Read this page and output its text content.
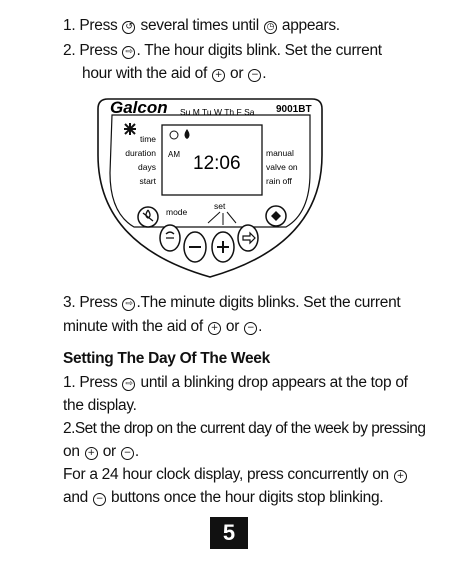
1. Press ↺ several times until ◷ appears.
2. Press ⇨ . The hour digits blink. Set the current
hour with the aid of + or − .
Galcon Su M Tu W Th F Sa 9001BT
time
duration
days
start
AM 12:06	manual
valve on
rain off
mode
set
3. Press ⇨ .The minute digits blinks. Set the current
minute with the aid of + or − .
Setting The Day Of The Week
1. Press ⇨ until a blinking drop appears at the top of
the display.
2.Set the drop on the current day of the week by pressing
on + or − .
For a 24 hour clock display, press concurrently on +
and − buttons once the hour digits stop blinking.
5
